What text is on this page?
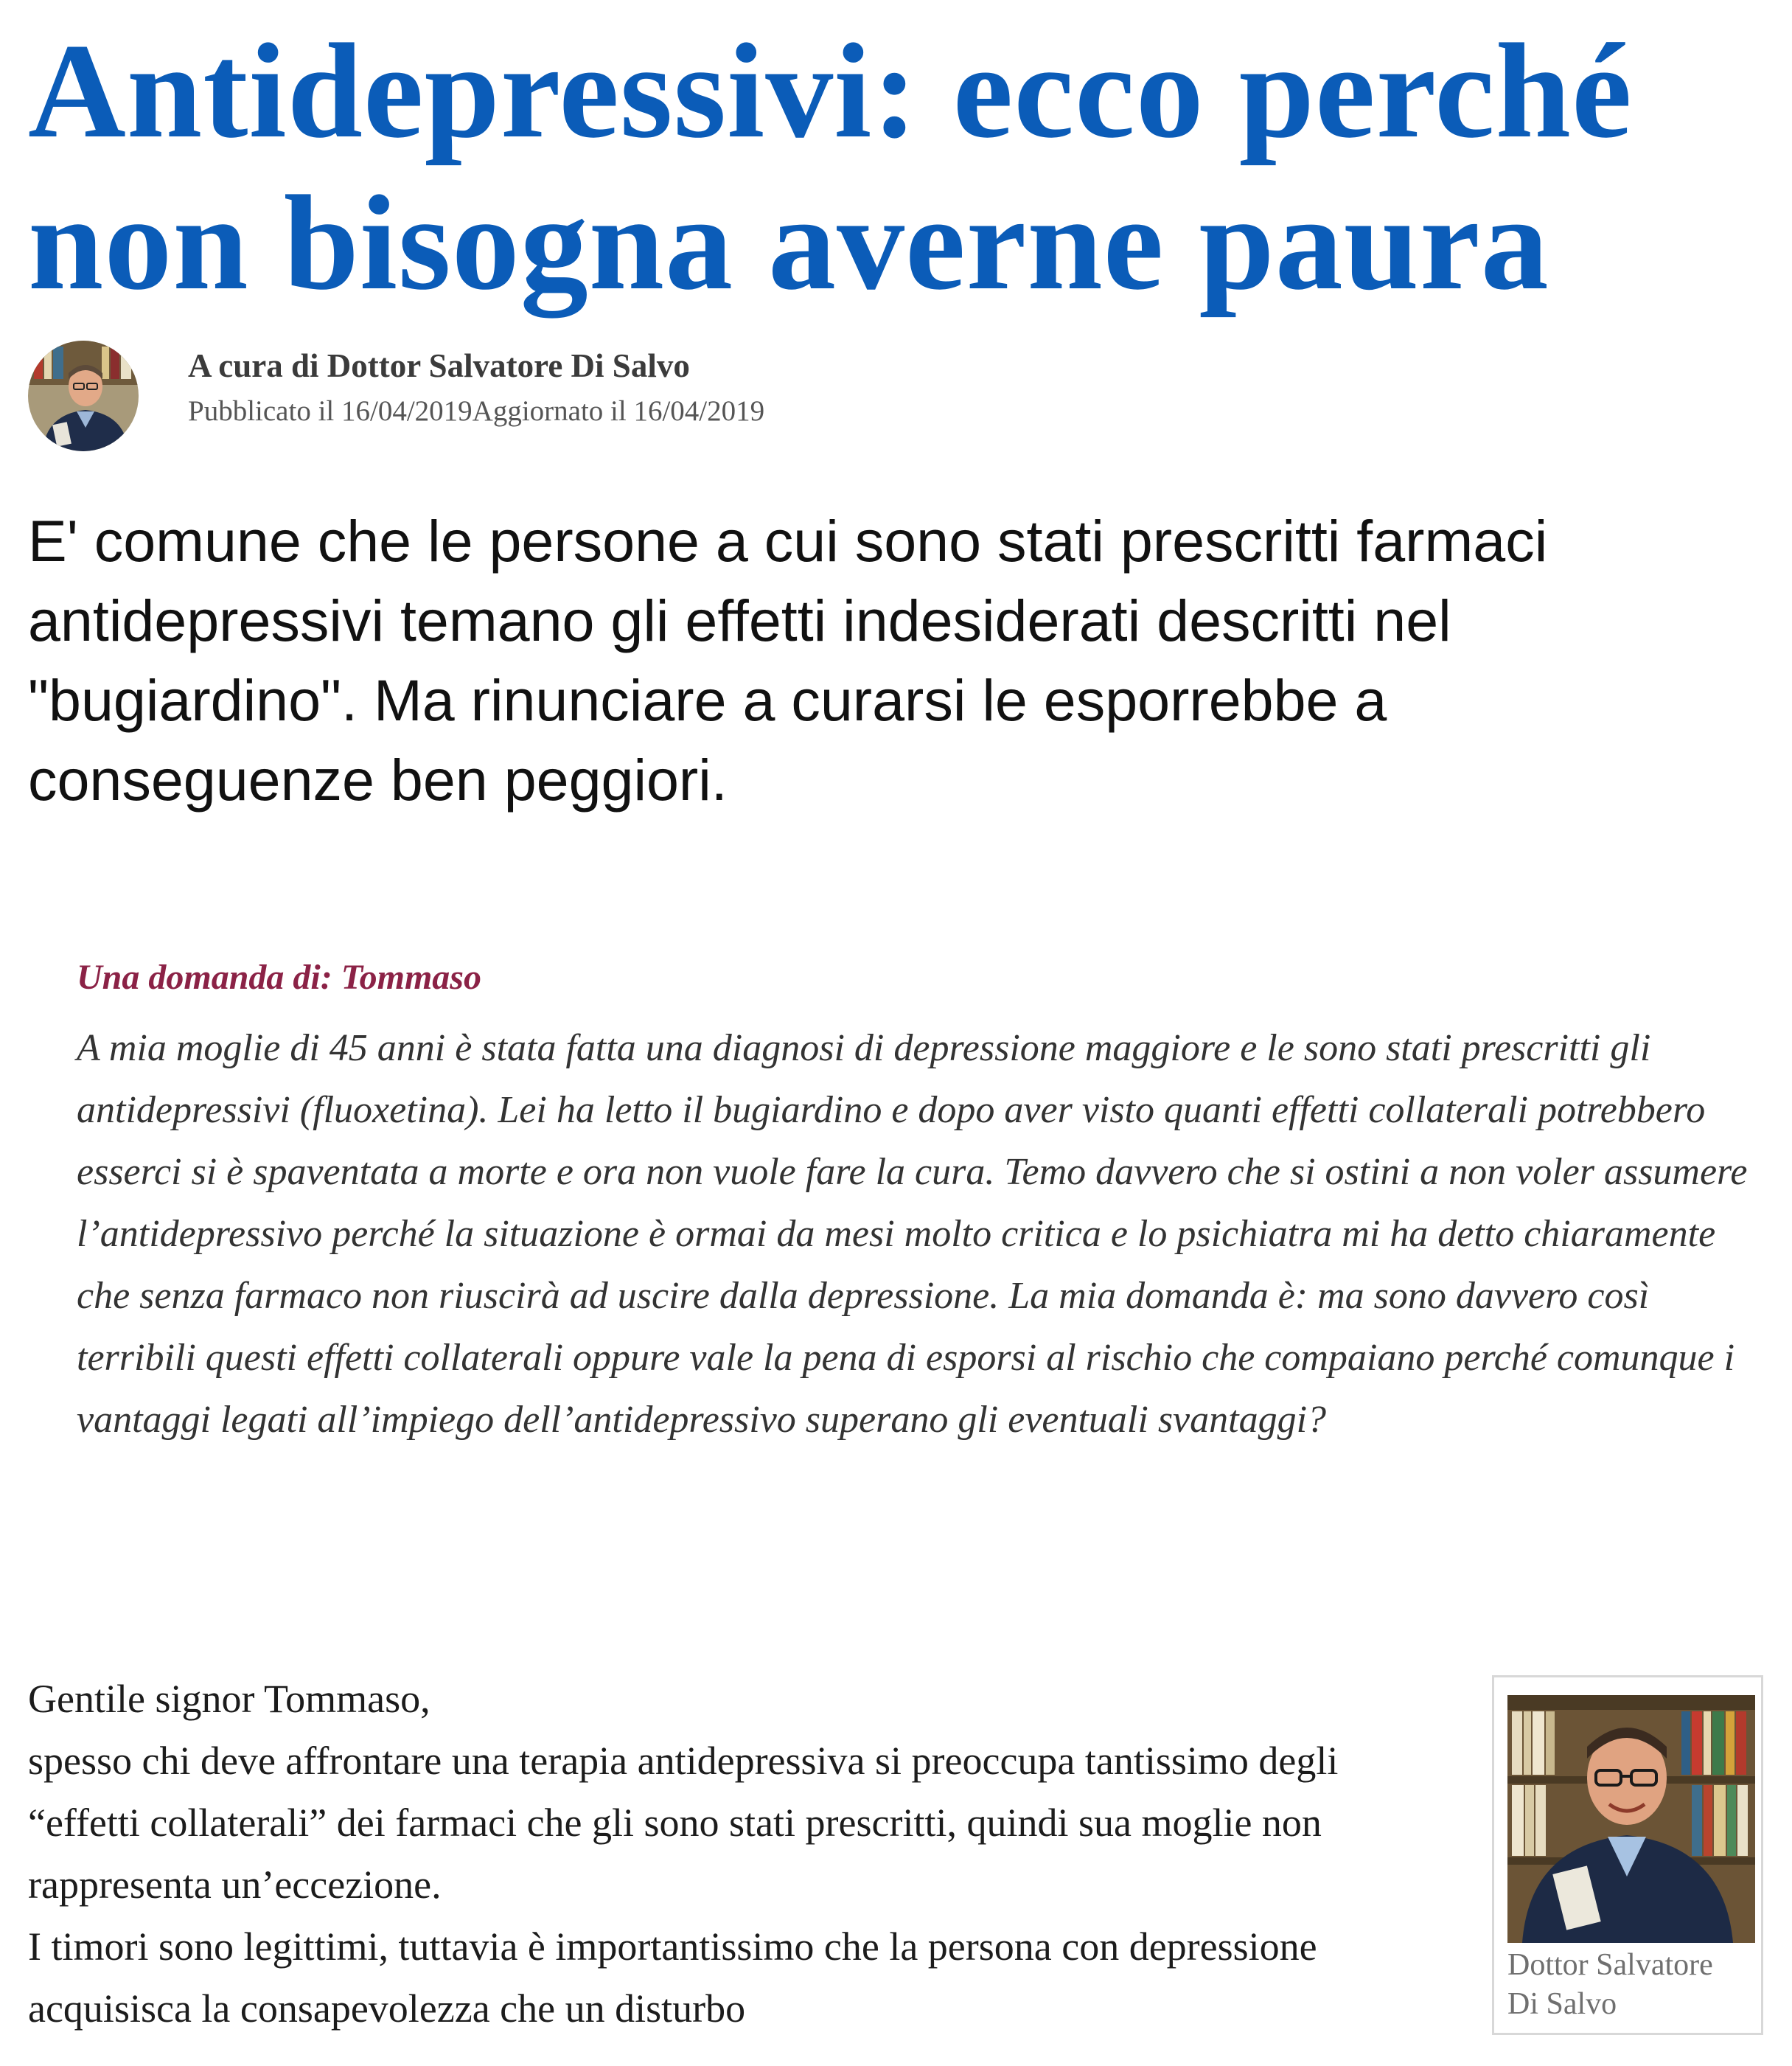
Antidepressivi: ecco perché non bisogna averne paura
A cura di Dottor Salvatore Di Salvo
Pubblicato il 16/04/2019Aggiornato il 16/04/2019

E' comune che le persone a cui sono stati prescritti farmaci antidepressivi temano gli effetti indesiderati descritti nel "bugiardino". Ma rinunciare a curarsi le esporrebbe a conseguenze ben peggiori.

Una domanda di: Tommaso

A mia moglie di 45 anni è stata fatta una diagnosi di depressione maggiore e le sono stati prescritti gli antidepressivi (fluoxetina). Lei ha letto il bugiardino e dopo aver visto quanti effetti collaterali potrebbero esserci si è spaventata a morte e ora non vuole fare la cura. Temo davvero che si ostini a non voler assumere l’antidepressivo perché la situazione è ormai da mesi molto critica e lo psichiatra mi ha detto chiaramente che senza farmaco non riuscirà ad uscire dalla depressione. La mia domanda è: ma sono davvero così terribili questi effetti collaterali oppure vale la pena di esporsi al rischio che compaiano perché comunque i vantaggi legati all’impiego dell’antidepressivo superano gli eventuali svantaggi?

Gentile signor Tommaso,

spesso chi deve affrontare una terapia antidepressiva si preoccupa tantissimo degli “effetti collaterali” dei farmaci che gli sono stati prescritti, quindi sua moglie non rappresenta un’eccezione.

I timori sono legittimi, tuttavia è importantissimo che la persona con depressione acquisisca la consapevolezza che un disturbo

Dottor Salvatore Di Salvo
